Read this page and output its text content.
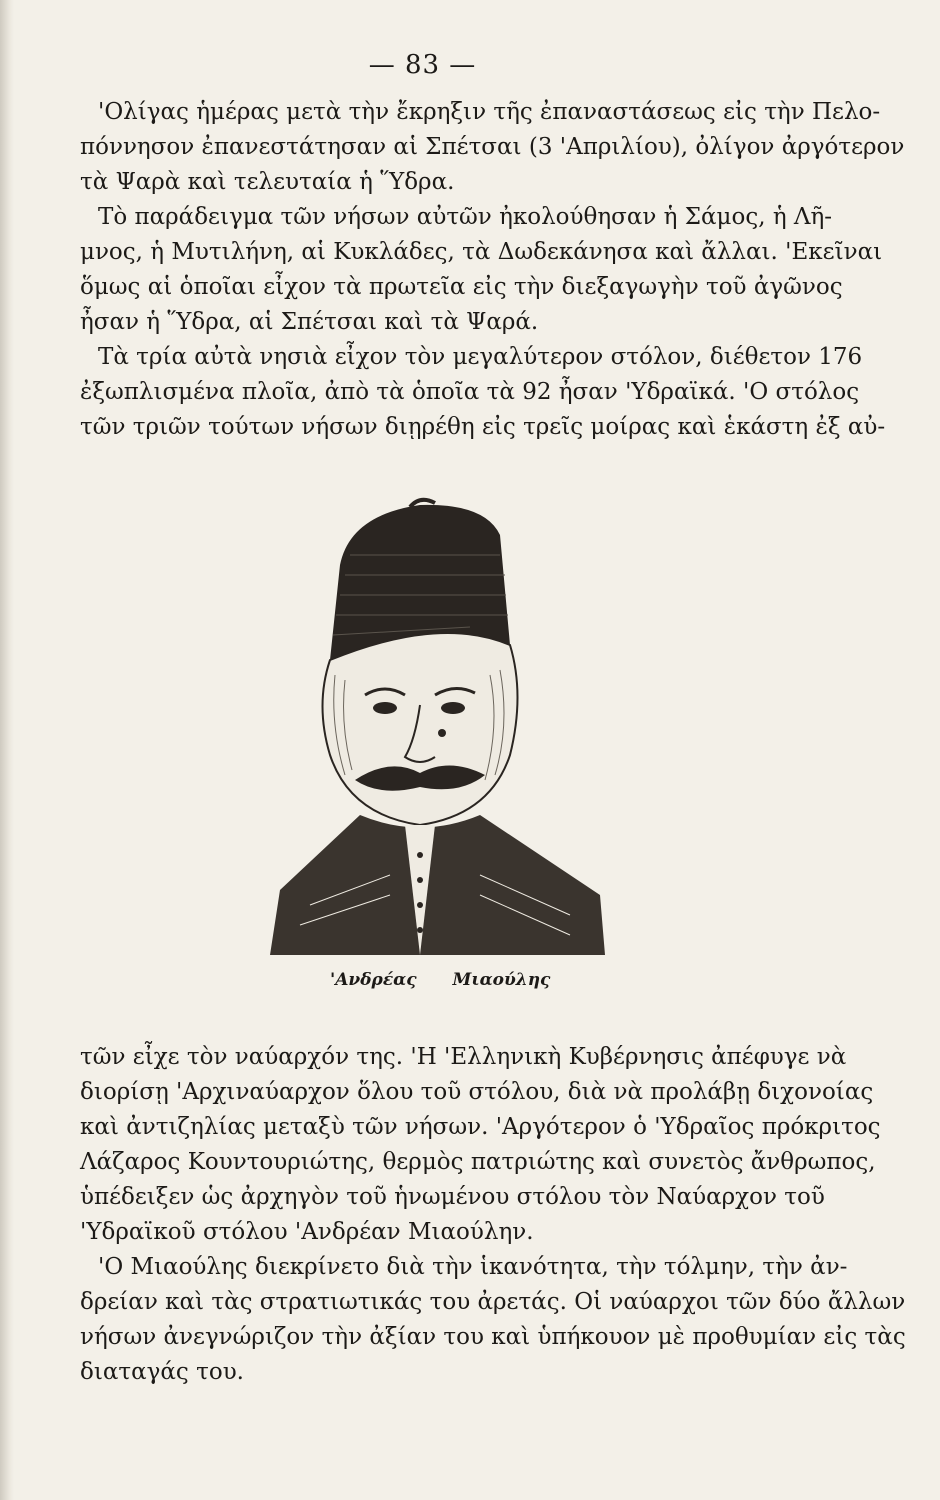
— 83 —
'Ολίγας ἡμέρας μετὰ τὴν ἔκρηξιν τῆς ἐπαναστάσεως εἰς τὴν Πελο-
πόννησον ἐπανεστάτησαν αἱ Σπέτσαι (3 'Απριλίου), ὀλίγον ἀργότερον
τὰ Ψαρὰ καὶ τελευταία ἡ Ὕδρα.
Τὸ παράδειγμα τῶν νήσων αὐτῶν ἠκολούθησαν ἡ Σάμος, ἡ Λῆ-
μνος, ἡ Μυτιλήνη, αἱ Κυκλάδες, τὰ Δωδεκάνησα καὶ ἄλλαι. 'Εκεῖναι
ὅμως αἱ ὁποῖαι εἶχον τὰ πρωτεῖα εἰς τὴν διεξαγωγὴν τοῦ ἀγῶνος
ἦσαν ἡ Ὕδρα, αἱ Σπέτσαι καὶ τὰ Ψαρά.
Τὰ τρία αὐτὰ νησιὰ εἶχον τὸν μεγαλύτερον στόλον, διέθετον 176
ἐξωπλισμένα πλοῖα, ἀπὸ τὰ ὁποῖα τὰ 92 ἦσαν 'Υδραϊκά. 'Ο στόλος
τῶν τριῶν τούτων νήσων διῃρέθη εἰς τρεῖς μοίρας καὶ ἑκάστη ἐξ αὐ-
'Ανδρέας Μιαούλης
τῶν εἶχε τὸν ναύαρχόν της. 'Η 'Ελληνικὴ Κυβέρνησις ἀπέφυγε νὰ
διορίσῃ 'Αρχιναύαρχον ὅλου τοῦ στόλου, διὰ νὰ προλάβῃ διχονοίας
καὶ ἀντιζηλίας μεταξὺ τῶν νήσων. 'Αργότερον ὁ 'Υδραῖος πρόκριτος
Λάζαρος Κουντουριώτης, θερμὸς πατριώτης καὶ συνετὸς ἄνθρωπος,
ὑπέδειξεν ὡς ἀρχηγὸν τοῦ ἡνωμένου στόλου τὸν Ναύαρχον τοῦ
'Υδραϊκοῦ στόλου 'Ανδρέαν Μιαούλην.
'Ο Μιαούλης διεκρίνετο διὰ τὴν ἱκανότητα, τὴν τόλμην, τὴν ἀν-
δρείαν καὶ τὰς στρατιωτικάς του ἀρετάς. Οἱ ναύαρχοι τῶν δύο ἄλλων
νήσων ἀνεγνώριζον τὴν ἀξίαν του καὶ ὑπήκουον μὲ προθυμίαν εἰς τὰς
διαταγάς του.
